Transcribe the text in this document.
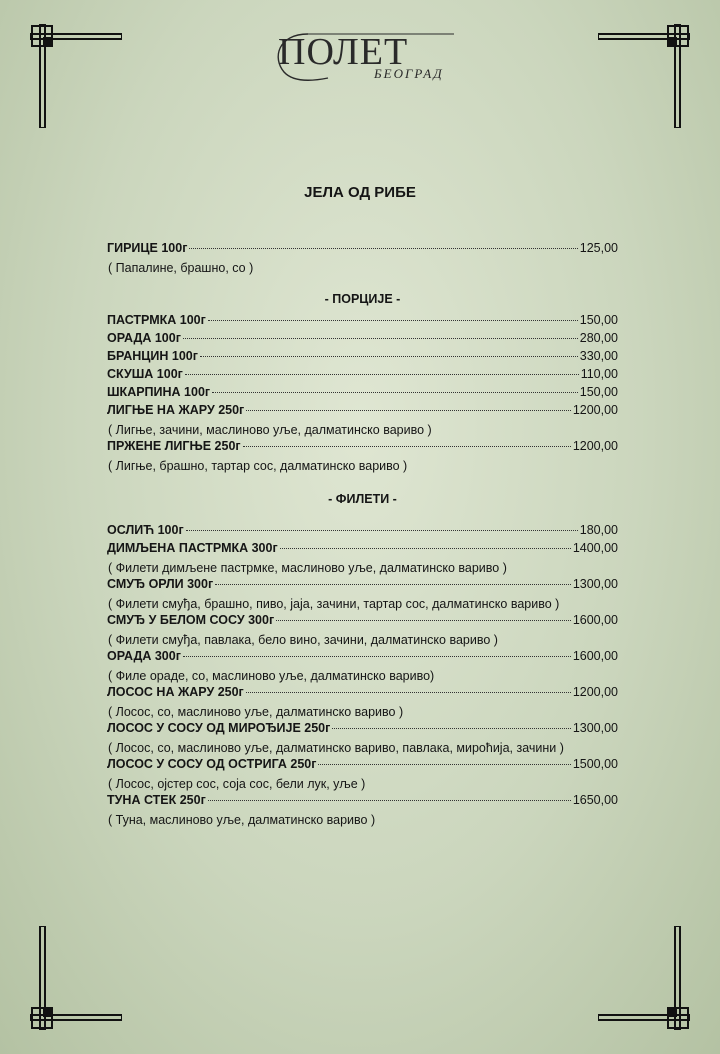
ПОЛЕТ
БЕОГРАД
ЈЕЛА ОД РИБЕ
ГИРИЦЕ 100г	125,00
( Папалине, брашно, со )
- ПОРЦИЈЕ -
ПАСТРМКА 100г	150,00
ОРАДА 100г	280,00
БРАНЦИН 100г	330,00
СКУША 100г	110,00
ШКАРПИНА 100г	150,00
ЛИГЊЕ НА ЖАРУ 250г	1200,00
( Лигње, зачини, маслиново уље, далматинско вариво )
ПРЖЕНЕ ЛИГЊЕ 250г	1200,00
( Лигње, брашно, тартар сос, далматинско вариво )
- ФИЛЕТИ -
ОСЛИЋ 100г	180,00
ДИМЉЕНА ПАСТРМКА 300г	1400,00
( Филети димљене пастрмке, маслиново уље, далматинско вариво )
СМУЂ ОРЛИ 300г	1300,00
( Филети смуђа, брашно, пиво, јаја, зачини, тартар сос, далматинско вариво )
СМУЂ У БЕЛОМ СОСУ 300г	1600,00
( Филети смуђа, павлака, бело вино, зачини, далматинско вариво )
ОРАДА 300г	1600,00
( Филе орадe, со, маслиново уље, далматинско вариво)
ЛОСОС НА ЖАРУ 250г	1200,00
( Лосос, со, маслиново уље, далматинско вариво )
ЛОСОС У СОСУ ОД МИРОЂИЈЕ 250г	1300,00
( Лосос, со, маслиново уље, далматинско вариво, павлака, мироћија, зачини )
ЛОСОС У СОСУ ОД ОСТРИГА 250г	1500,00
( Лосос, ојстер сос, соја сос, бели лук, уље )
ТУНА СТЕК 250г	1650,00
( Туна, маслиново уље, далматинско вариво )
